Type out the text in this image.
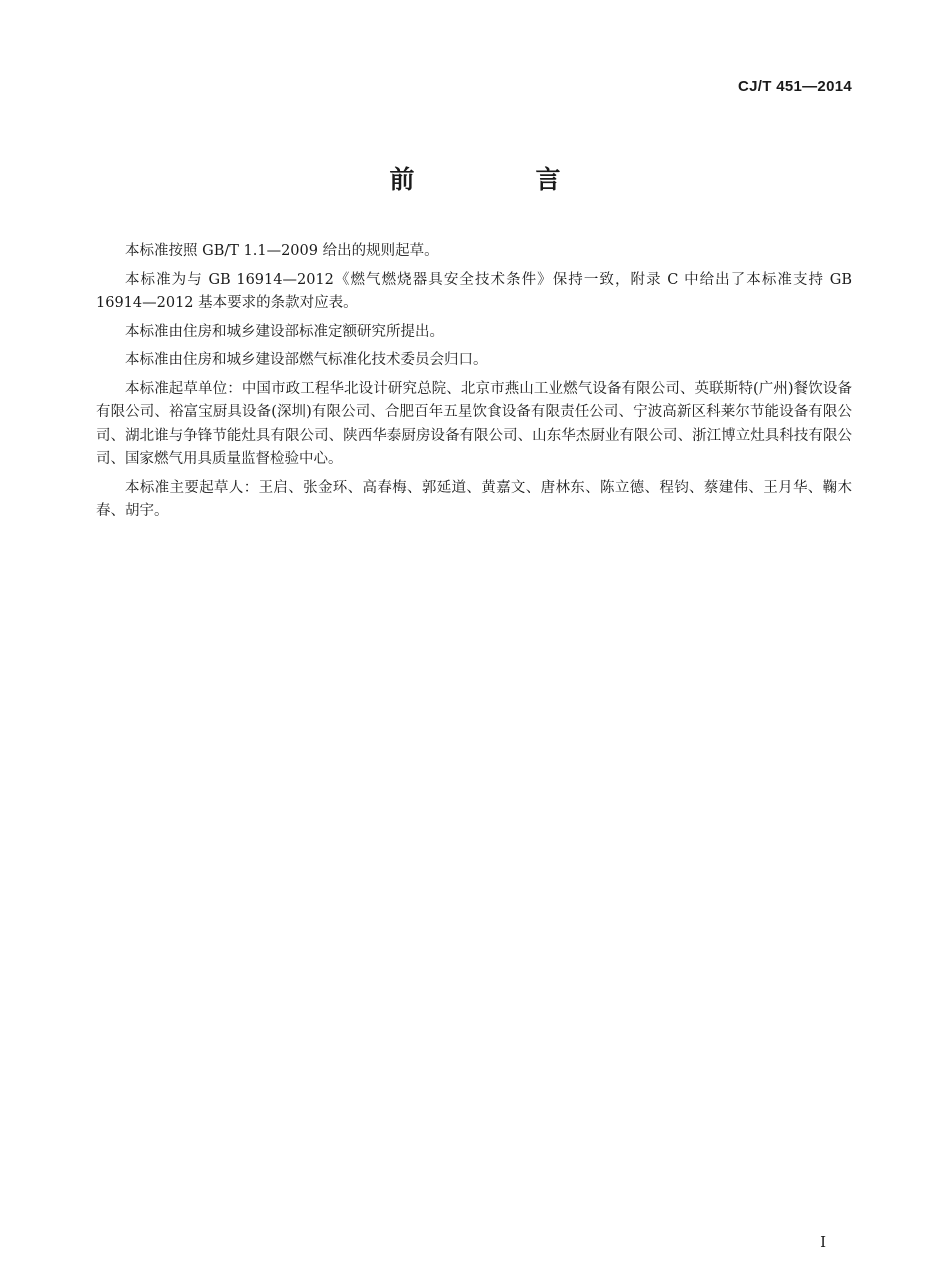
CJ/T 451—2014
前　言

本标准按照 GB/T 1.1—2009 给出的规则起草。

本标准为与 GB 16914—2012《燃气燃烧器具安全技术条件》保持一致，附录 C 中给出了本标准支持 GB 16914—2012 基本要求的条款对应表。

本标准由住房和城乡建设部标准定额研究所提出。

本标准由住房和城乡建设部燃气标准化技术委员会归口。

本标准起草单位：中国市政工程华北设计研究总院、北京市燕山工业燃气设备有限公司、英联斯特(广州)餐饮设备有限公司、裕富宝厨具设备(深圳)有限公司、合肥百年五星饮食设备有限责任公司、宁波高新区科莱尔节能设备有限公司、湖北谁与争锋节能灶具有限公司、陕西华泰厨房设备有限公司、山东华杰厨业有限公司、浙江博立灶具科技有限公司、国家燃气用具质量监督检验中心。

本标准主要起草人：王启、张金环、高春梅、郭延道、黄嘉文、唐林东、陈立德、程钧、蔡建伟、王月华、鞠木春、胡宇。

I
